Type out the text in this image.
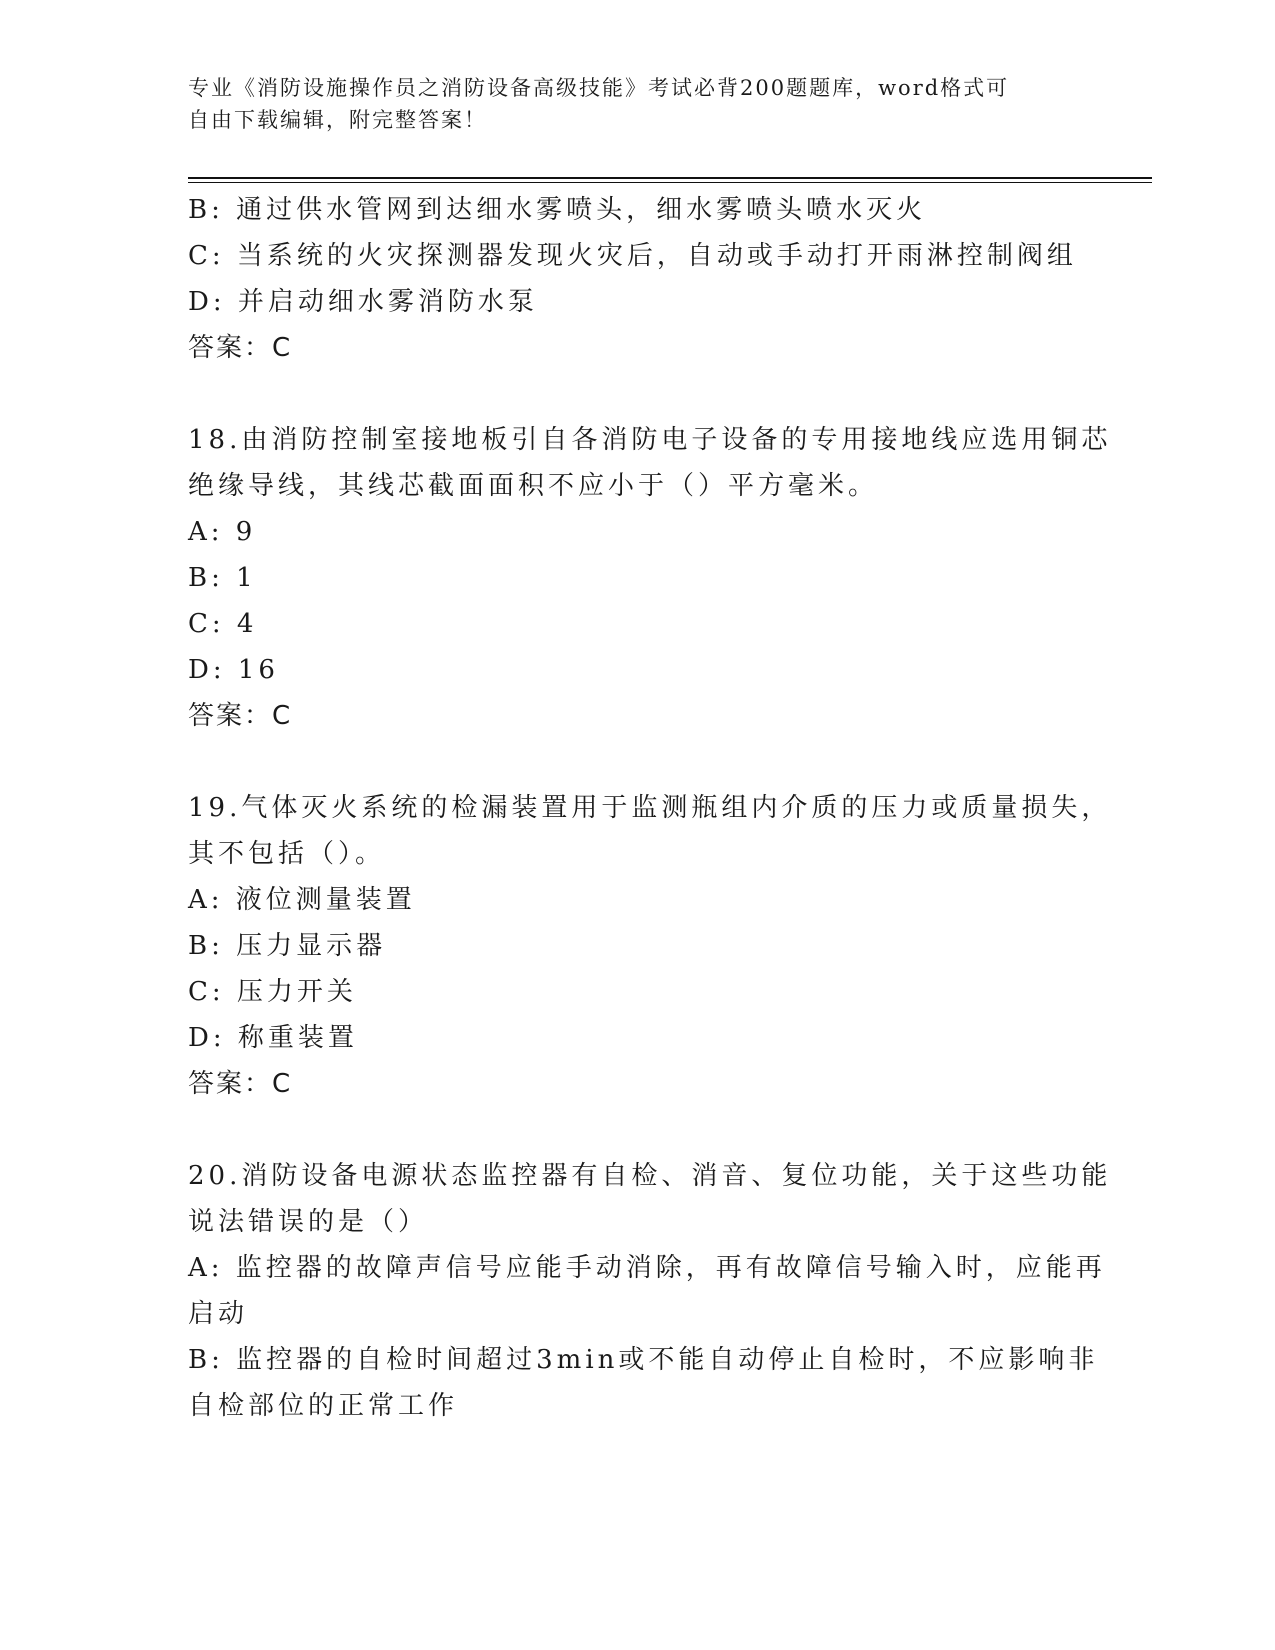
专业《消防设施操作员之消防设备高级技能》考试必背200题题库，word格式可
自由下载编辑，附完整答案！
B: 通过供水管网到达细水雾喷头，细水雾喷头喷水灭火
C: 当系统的火灾探测器发现火灾后，自动或手动打开雨淋控制阀组
D: 并启动细水雾消防水泵
答案：C
18.由消防控制室接地板引自各消防电子设备的专用接地线应选用铜芯
绝缘导线，其线芯截面面积不应小于（）平方毫米。
A: 9
B: 1
C: 4
D: 16
答案：C
19.气体灭火系统的检漏装置用于监测瓶组内介质的压力或质量损失，
其不包括（）。
A: 液位测量装置
B: 压力显示器
C: 压力开关
D: 称重装置
答案：C
20.消防设备电源状态监控器有自检、消音、复位功能，关于这些功能
说法错误的是（）
A: 监控器的故障声信号应能手动消除，再有故障信号输入时，应能再
启动
B: 监控器的自检时间超过3min或不能自动停止自检时，不应影响非
自检部位的正常工作
